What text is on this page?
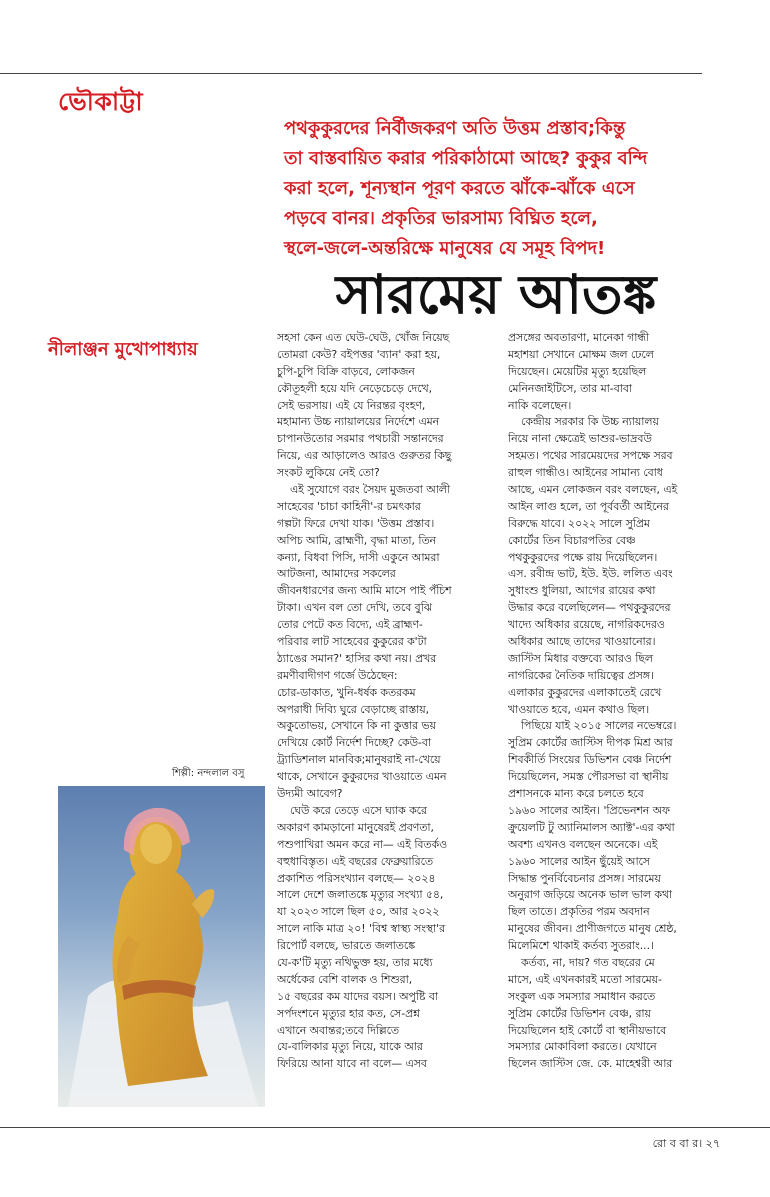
ভৌকাট্টা
পথকুকুরদের নির্বীজকরণ অতি উত্তম প্রস্তাব;কিন্তু
তা বাস্তবায়িত করার পরিকাঠামো আছে? কুকুর বন্দি
করা হলে, শূন্যস্থান পূরণ করতে ঝাঁকে-ঝাঁকে এসে
পড়বে বানর। প্রকৃতির ভারসাম্য বিঘ্নিত হলে,
স্থলে-জলে-অন্তরিক্ষে মানুষের যে সমূহ বিপদ!
সারমেয় আতঙ্ক
নীলাঞ্জন মুখোপাধ্যায়
সহসা কেন এত ঘেউ-ঘেউ, খোঁজ নিয়েছ
তোমরা কেউ? বইপত্তর 'ব্যান' করা হয়,
চুপি-চুপি বিক্রি বাড়বে, লোকজন
কৌতূহলী হয়ে যদি নেড়েচেড়ে দেখে,
সেই ভরসায়। এই যে নিরন্তর বৃংহণ,
মহামান্য উচ্চ ন্যায়ালয়ের নির্দেশে এমন
চাপানউতোর সরমার পথচারী সন্তানদের
নিয়ে, এর আড়ালেও আরও গুরুতর কিছু
সংকট লুকিয়ে নেই তো?
এই সুযোগে বরং সৈয়দ মুজতবা আলী
সাহেবের 'চাচা কাহিনী'-র চমৎকার
গল্পটা ফিরে দেখা যাক। 'উত্তম প্রস্তাব।
অপিচ আমি, ব্রাহ্মণী, বৃদ্ধা মাতা, তিন
কন্যা, বিধবা পিসি, দাসী একুনে আমরা
আটজনা, আমাদের সকলের
জীবনধারণের জন্য আমি মাসে পাই পঁচিশ
টাকা। এখন বল তো দেখি, তবে বুঝি
তোর পেটে কত বিদ্যে, এই ব্রাহ্মণ-
পরিবার লাট সাহেবের কুকুরের ক'টা
ঠ্যাঙের সমান?' হাসির কথা নয়। প্রখর
রমণীবাদীগণ গর্জে উঠেছেন:
চোর-ডাকাত, খুনি-ধর্ষক কতরকম
অপরাধী দিব্যি ঘুরে বেড়াচ্ছে রাস্তায়,
অকুতোভয়, সেখানে কি না কুত্তার ভয়
দেখিয়ে কোর্ট নির্দেশ দিচ্ছে? কেউ-বা
ট্র্যাডিশনাল মানবিক;মানুষরাই না-খেয়ে
থাকে, সেখানে কুকুরদের খাওয়াতে এমন
উদ্যমী আবেগ?
ঘেউ করে তেড়ে এসে ঘ্যাক করে
অকারণ কামড়ানো মানুষেরই প্রবণতা,
পশুপাখিরা অমন করে না— এই বিতর্কও
বহুধাবিস্তৃত। এই বছরের ফেব্রুয়ারিতে
প্রকাশিত পরিসংখ্যান বলছে— ২০২৪
সালে দেশে জলাতঙ্কে মৃত্যুর সংখ্যা ৫৪,
যা ২০২৩ সালে ছিল ৫০, আর ২০২২
সালে নাকি মাত্র ২০! 'বিশ্ব স্বাস্থ্য সংস্থা'র
রিপোর্ট বলছে, ভারতে জলাতঙ্কে
যে-ক'টি মৃত্যু নথিভুক্ত হয়, তার মধ্যে
অর্ধেকের বেশি বালক ও শিশুরা,
১৫ বছরের কম যাদের বয়স। অপুষ্টি বা
সর্পদংশনে মৃত্যুর হার কত, সে-প্রশ্ন
এখানে অবান্তর;তবে দিল্লিতে
যে-বালিকার মৃত্যু নিয়ে, যাকে আর
ফিরিয়ে আনা যাবে না বলে— এসব
প্রসঙ্গের অবতারণা, মানেকা গান্ধী
মহাশয়া সেখানে মোক্ষম জল ঢেলে
দিয়েছেন। মেয়েটির মৃত্যু হয়েছিল
মেনিনজাইটিসে, তার মা-বাবা
নাকি বলেছেন।
কেন্দ্রীয় সরকার কি উচ্চ ন্যায়ালয়
নিয়ে নানা ক্ষেত্রেই ভাশুর-ভাদ্রবউ
সহমত। পথের সারমেয়দের সপক্ষে সরব
রাহুল গান্ধীও। আইনের সামান্য বোধ
আছে, এমন লোকজন বরং বলছেন, এই
আইন লাগু হলে, তা পূর্ববর্তী আইনের
বিরুদ্ধে যাবে। ২০২২ সালে সুপ্রিম
কোর্টের তিন বিচারপতির বেঞ্চ
পথকুকুরদের পক্ষে রায় দিয়েছিলেন।
এস. রবীন্দ্র ভাট, ইউ. ইউ. ললিত এবং
সুধাংশু ধুলিয়া, আগের রায়ের কথা
উদ্ধার করে বলেছিলেন— পথকুকুরদের
খাদ্যে অধিকার রয়েছে, নাগরিকদেরও
অধিকার আছে তাদের খাওয়ানোর।
জাস্টিস মিধার বক্তব্যে আরও ছিল
নাগরিকের নৈতিক দায়িত্বের প্রসঙ্গ।
এলাকার কুকুরদের এলাকাতেই রেখে
খাওয়াতে হবে, এমন কথাও ছিল।
পিছিয়ে যাই ২০১৫ সালের নভেম্বরে।
সুপ্রিম কোর্টের জাস্টিস দীপক মিশ্র আর
শিবকীর্তি সিংয়ের ডিভিশন বেঞ্চ নির্দেশ
দিয়েছিলেন, সমস্ত পৌরসভা বা স্থানীয়
প্রশাসনকে মান্য করে চলতে হবে
১৯৬০ সালের আইন। 'প্রিভেনশন অফ
ক্রুয়েলটি টু অ্যানিমালস অ্যাক্ট'-এর কথা
অবশ্য এখনও বলছেন অনেকে। এই
১৯৬০ সালের আইন ছুঁয়েই আসে
সিদ্ধান্ত পুনর্বিবেচনার প্রসঙ্গ। সারমেয়
অনুরাগ জড়িয়ে অনেক ভাল ভাল কথা
ছিল তাতে। প্রকৃতির পরম অবদান
মানুষের জীবন। প্রাণীজগতে মানুষ শ্রেষ্ঠ,
মিলেমিশে থাকাই কর্তব্য সুতরাং...।
কর্তব্য, না, দায়? গত বছরের মে
মাসে, এই এখনকারই মতো সারমেয়-
সংকুল এক সমস্যার সমাধান করতে
সুপ্রিম কোর্টের ডিভিশন বেঞ্চ, রায়
দিয়েছিলেন হাই কোর্টে বা স্থানীয়ভাবে
সমস্যার মোকাবিলা করতে। যেখানে
ছিলেন জাস্টিস জে. কে. মাহেশ্বরী আর
শিল্পী: নন্দলাল বসু
রো ব বা র। ২৭
